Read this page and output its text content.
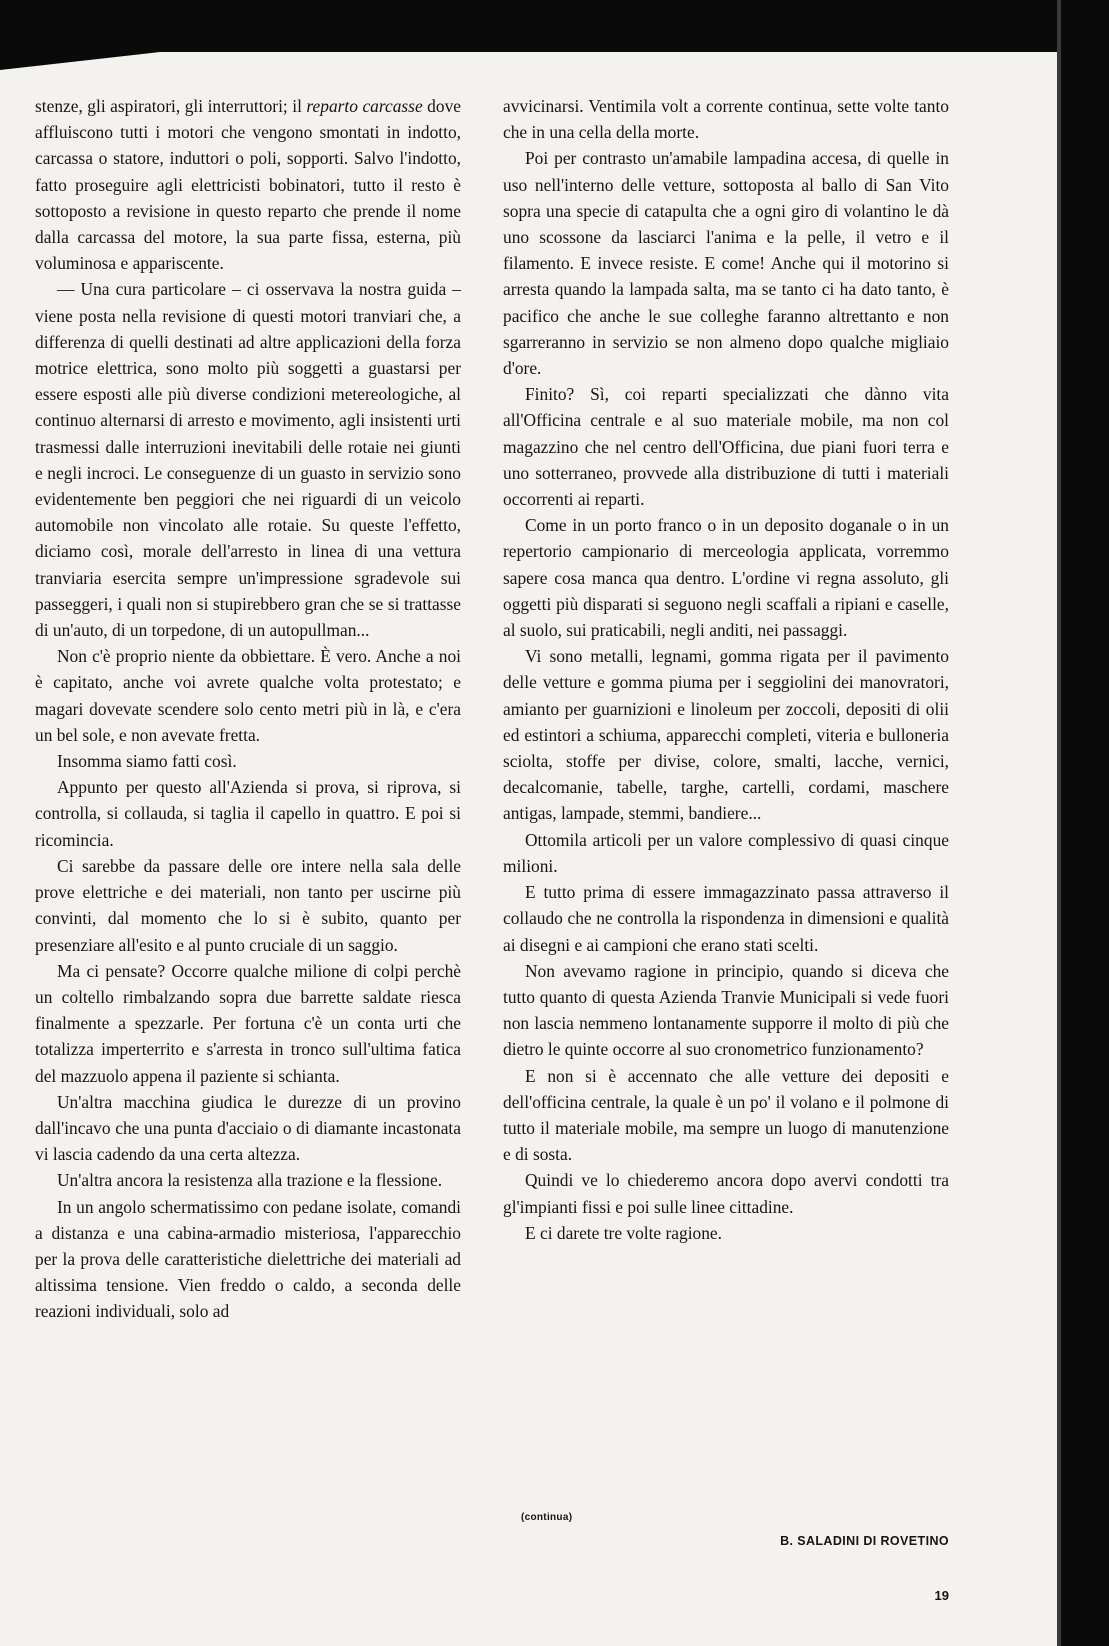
stenze, gli aspiratori, gli interruttori; il reparto carcasse dove affluiscono tutti i motori che vengono smontati in indotto, carcassa o statore, induttori o poli, sopporti. Salvo l'indotto, fatto proseguire agli elettricisti bobinatori, tutto il resto è sottoposto a revisione in questo reparto che prende il nome dalla carcassa del motore, la sua parte fissa, esterna, più voluminosa e appariscente.

— Una cura particolare – ci osservava la nostra guida – viene posta nella revisione di questi motori tranviari che, a differenza di quelli destinati ad altre applicazioni della forza motrice elettrica, sono molto più soggetti a guastarsi per essere esposti alle più diverse condizioni metereologiche, al continuo alternarsi di arresto e movimento, agli insistenti urti trasmessi dalle interruzioni inevitabili delle rotaie nei giunti e negli incroci. Le conseguenze di un guasto in servizio sono evidentemente ben peggiori che nei riguardi di un veicolo automobile non vincolato alle rotaie. Su queste l'effetto, diciamo così, morale dell'arresto in linea di una vettura tranviaria esercita sempre un'impressione sgradevole sui passeggeri, i quali non si stupirebbero gran che se si trattasse di un'auto, di un torpedone, di un autopullman...

Non c'è proprio niente da obbiettare. È vero. Anche a noi è capitato, anche voi avrete qualche volta protestato; e magari dovevate scendere solo cento metri più in là, e c'era un bel sole, e non avevate fretta.

Insomma siamo fatti così.

Appunto per questo all'Azienda si prova, si riprova, si controlla, si collauda, si taglia il capello in quattro. E poi si ricomincia.

Ci sarebbe da passare delle ore intere nella sala delle prove elettriche e dei materiali, non tanto per uscirne più convinti, dal momento che lo si è subito, quanto per presenziare all'esito e al punto cruciale di un saggio.

Ma ci pensate? Occorre qualche milione di colpi perchè un coltello rimbalzando sopra due barrette saldate riesca finalmente a spezzarle. Per fortuna c'è un conta urti che totalizza imperterrito e s'arresta in tronco sull'ultima fatica del mazzuolo appena il paziente si schianta.

Un'altra macchina giudica le durezze di un provino dall'incavo che una punta d'acciaio o di diamante incastonata vi lascia cadendo da una certa altezza.

Un'altra ancora la resistenza alla trazione e la flessione.

In un angolo schermatissimo con pedane isolate, comandi a distanza e una cabina-armadio misteriosa, l'apparecchio per la prova delle caratteristiche dielettriche dei materiali ad altissima tensione. Vien freddo o caldo, a seconda delle reazioni individuali, solo ad

avvicinarsi. Ventimila volt a corrente continua, sette volte tanto che in una cella della morte.

Poi per contrasto un'amabile lampadina accesa, di quelle in uso nell'interno delle vetture, sottoposta al ballo di San Vito sopra una specie di catapulta che a ogni giro di volantino le dà uno scossone da lasciarci l'anima e la pelle, il vetro e il filamento. E invece resiste. E come! Anche qui il motorino si arresta quando la lampada salta, ma se tanto ci ha dato tanto, è pacifico che anche le sue colleghe faranno altrettanto e non sgarreranno in servizio se non almeno dopo qualche migliaio d'ore.

Finito? Sì, coi reparti specializzati che dànno vita all'Officina centrale e al suo materiale mobile, ma non col magazzino che nel centro dell'Officina, due piani fuori terra e uno sotterraneo, provvede alla distribuzione di tutti i materiali occorrenti ai reparti.

Come in un porto franco o in un deposito doganale o in un repertorio campionario di merceologia applicata, vorremmo sapere cosa manca qua dentro. L'ordine vi regna assoluto, gli oggetti più disparati si seguono negli scaffali a ripiani e caselle, al suolo, sui praticabili, negli anditi, nei passaggi.

Vi sono metalli, legnami, gomma rigata per il pavimento delle vetture e gomma piuma per i seggiolini dei manovratori, amianto per guarnizioni e linoleum per zoccoli, depositi di olii ed estintori a schiuma, apparecchi completi, viteria e bulloneria sciolta, stoffe per divise, colore, smalti, lacche, vernici, decalcomanie, tabelle, targhe, cartelli, cordami, maschere antigas, lampade, stemmi, bandiere...

Ottomila articoli per un valore complessivo di quasi cinque milioni.

E tutto prima di essere immagazzinato passa attraverso il collaudo che ne controlla la rispondenza in dimensioni e qualità ai disegni e ai campioni che erano stati scelti.

Non avevamo ragione in principio, quando si diceva che tutto quanto di questa Azienda Tranvie Municipali si vede fuori non lascia nemmeno lontanamente supporre il molto di più che dietro le quinte occorre al suo cronometrico funzionamento?

E non si è accennato che alle vetture dei depositi e dell'officina centrale, la quale è un po' il volano e il polmone di tutto il materiale mobile, ma sempre un luogo di manutenzione e di sosta.

Quindi ve lo chiederemo ancora dopo avervi condotti tra gl'impianti fissi e poi sulle linee cittadine.

E ci darete tre volte ragione.

(continua)
B. SALADINI DI ROVETINO
19
